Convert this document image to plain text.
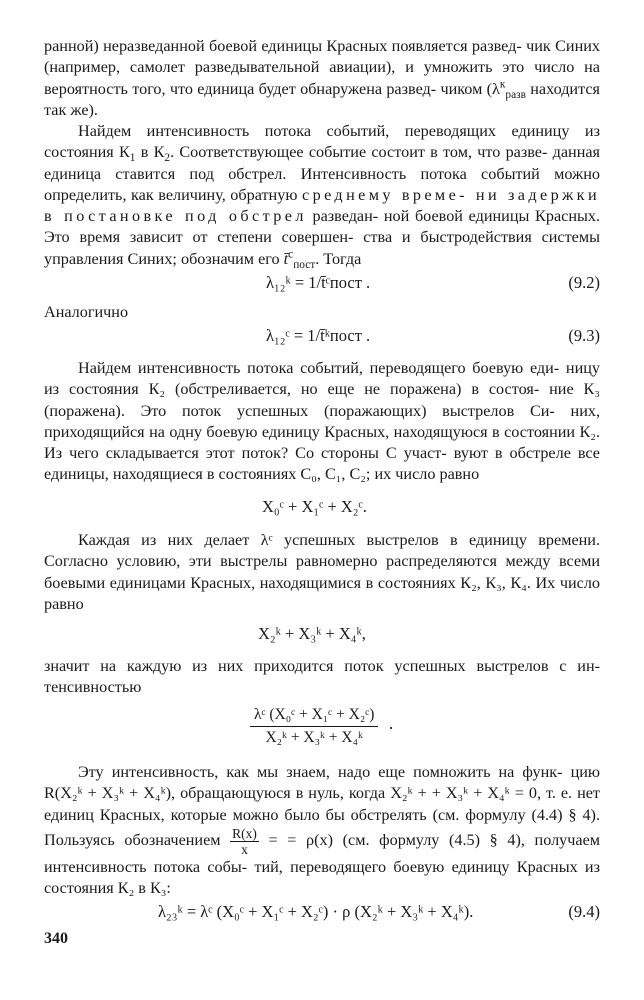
ранной) неразведанной боевой единицы Красных появляется развед- чик Синих (например, самолет разведывательной авиации), и умножить это число на вероятность того, что единица будет обнаружена развед- чиком ($\lambda^к_{разв}$ находится так же).

Найдем интенсивность потока событий, переводящих единицу из состояния $К_1$ в $К_2$. Соответствующее событие состоит в том, что разве- данная единица ставится под обстрел. Интенсивность потока событий можно определить, как величину, обратную среднему време- ни задержки в постановке под обстрел разведан- ной боевой единицы Красных. Это время зависит от степени совершен- ства и быстродействия системы управления Синих; обозначим его t̄$^c_{пост}$. Тогда

λ₁₂ᵏ = 1/t̄ᶜпост .	(9.2)
Аналогично
λ₁₂ᶜ = 1/t̄ᵏпост .	(9.3)

Найдем интенсивность потока событий, переводящего боевую еди- ницу из состояния К₂ (обстреливается, но еще не поражена) в состоя- ние К₃ (поражена). Это поток успешных (поражающих) выстрелов Си- них, приходящийся на одну боевую единицу Красных, находящуюся в состоянии К₂. Из чего складывается этот поток? Со стороны С участ- вуют в обстреле все единицы, находящиеся в состояниях С₀, С₁, С₂; их число равно

X₀ᶜ + X₁ᶜ + X₂ᶜ.

Каждая из них делает λᶜ успешных выстрелов в единицу времени. Согласно условию, эти выстрелы равномерно распределяются между всеми боевыми единицами Красных, находящимися в состояниях К₂, К₃, К₄. Их число равно

X₂ᵏ + X₃ᵏ + X₄ᵏ,

значит на каждую из них приходится поток успешных выстрелов с ин- тенсивностью

$\frac{\text{λᶜ (X₀ᶜ + X₁ᶜ + X₂ᶜ)}}{\text{X₂ᵏ + X₃ᵏ + X₄ᵏ}}$ ·

Эту интенсивность, как мы знаем, надо еще помножить на функ- цию R(X₂ᵏ + X₃ᵏ + X₄ᵏ), обращающуюся в нуль, когда X₂ᵏ + + X₃ᵏ + X₄ᵏ = 0, т. е. нет единиц Красных, которые можно было бы обстрелять (см. формулу (4.4) § 4). Пользуясь обозначением $\frac{R(x)}{x}$ = = ρ(x) (см. формулу (4.5) § 4), получаем интенсивность потока собы- тий, переводящего боевую единицу Красных из состояния К₂ в К₃:

λ₂₃ᵏ = λᶜ (X₀ᶜ + X₁ᶜ + X₂ᶜ) · ρ (X₂ᵏ + X₃ᵏ + X₄ᵏ).	(9.4)
340
